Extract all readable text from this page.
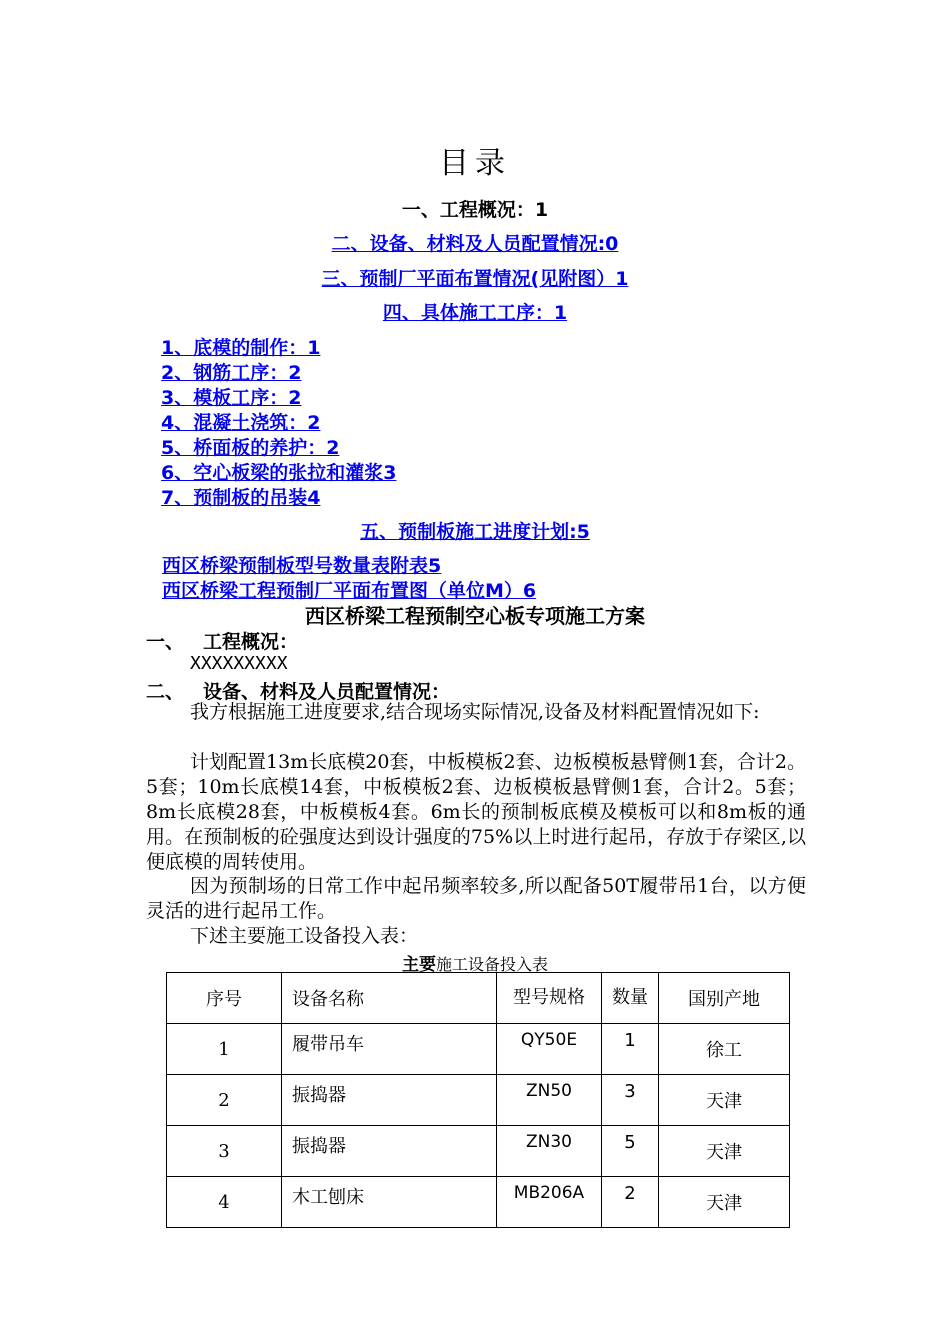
目录
一、工程概况：1
二、设备、材料及人员配置情况:0
三、预制厂平面布置情况(见附图）1
四、具体施工工序：1
1、底模的制作：1
2、钢筋工序：2
3、模板工序：2
4、混凝土浇筑：2
5、桥面板的养护：2
6、空心板梁的张拉和灌浆3
7、预制板的吊装4
五、预制板施工进度计划:5
西区桥梁预制板型号数量表附表5
西区桥梁工程预制厂平面布置图（单位M）6
西区桥梁工程预制空心板专项施工方案
一、 工程概况：
XXXXXXXXX
二、 设备、材料及人员配置情况：
我方根据施工进度要求,结合现场实际情况,设备及材料配置情况如下:
计划配置13m长底模20套，中板模板2套、边板模板悬臂侧1套，合计2。5套；10m长底模14套，中板模板2套、边板模板悬臂侧1套，合计2。5套；8m长底模28套，中板模板4套。6m长的预制板底模及模板可以和8m板的通用。在预制板的砼强度达到设计强度的75%以上时进行起吊，存放于存梁区,以便底模的周转使用。
因为预制场的日常工作中起吊频率较多,所以配备50T履带吊1台，以方便灵活的进行起吊工作。
下述主要施工设备投入表：
主要施工设备投入表
序号	设备名称	型号规格	数量	国别产地
1	履带吊车	QY50E	1	徐工
2	振捣器	ZN50	3	天津
3	振捣器	ZN30	5	天津
4	木工刨床	MB206A	2	天津
